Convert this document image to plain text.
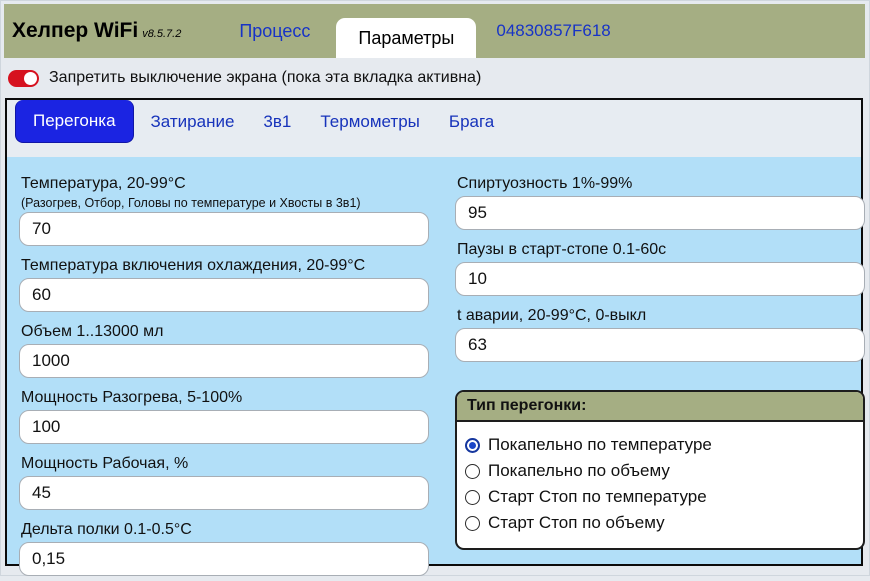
Хелпер WiFi v8.5.7.2	Процесс	Параметры	04830857F618
Запретить выключение экрана (пока эта вкладка активна)
Перегонка	Затирание 3в1 Термометры Брага
Температура, 20-99°C
(Разогрев, Отбор, Головы по температуре и Хвосты в 3в1)
70
Температура включения охлаждения, 20-99°C
60
Объем 1..13000 мл
1000
Мощность Разогрева, 5-100%
100
Мощность Рабочая, %
45
Дельта полки 0.1-0.5°C
0,15
Спиртуозность 1%-99%
95
Паузы в старт-стопе 0.1-60с
10
t аварии, 20-99°C, 0-выкл
63
Тип перегонки:
Покапельно по температуре
Покапельно по объему
Старт Стоп по температуре
Старт Стоп по объему
